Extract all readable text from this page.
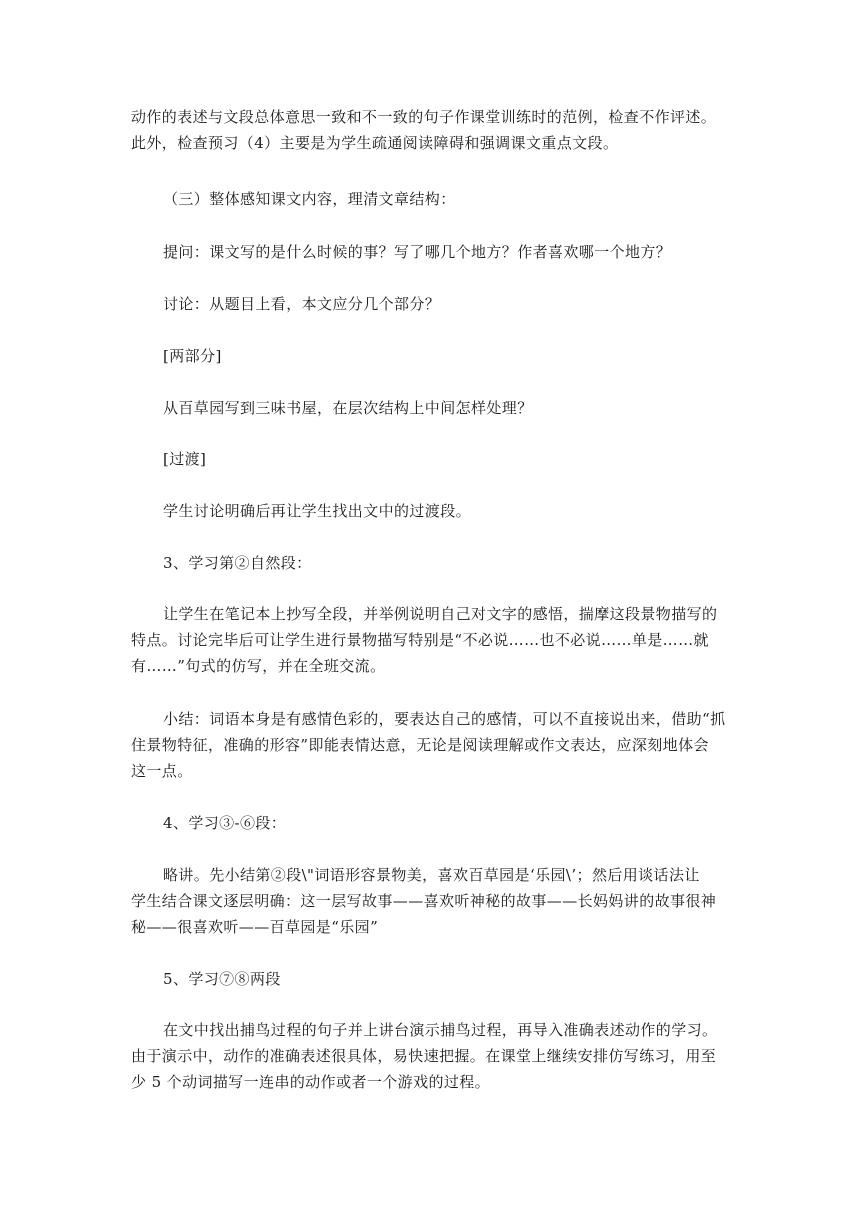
动作的表述与文段总体意思一致和不一致的句子作课堂训练时的范例，检查不作评述。
此外，检查预习（4）主要是为学生疏通阅读障碍和强调课文重点文段。

（三）整体感知课文内容，理清文章结构：

提问：课文写的是什么时候的事？写了哪几个地方？作者喜欢哪一个地方？

讨论：从题目上看，本文应分几个部分？

[两部分]

从百草园写到三味书屋，在层次结构上中间怎样处理？

[过渡]

学生讨论明确后再让学生找出文中的过渡段。

3、学习第②自然段：

让学生在笔记本上抄写全段，并举例说明自己对文字的感悟，揣摩这段景物描写的
特点。讨论完毕后可让学生进行景物描写特别是“不必说……也不必说……单是……就
有……”句式的仿写，并在全班交流。

小结：词语本身是有感情色彩的，要表达自己的感情，可以不直接说出来，借助“抓
住景物特征，准确的形容”即能表情达意，无论是阅读理解或作文表达，应深刻地体会
这一点。

4、学习③-⑥段：

略讲。先小结第②段\"词语形容景物美，喜欢百草园是‘乐园\’；然后用谈话法让
学生结合课文逐层明确：这一层写故事——喜欢听神秘的故事——长妈妈讲的故事很神
秘——很喜欢听——百草园是“乐园”

5、学习⑦⑧两段

在文中找出捕鸟过程的句子并上讲台演示捕鸟过程，再导入准确表述动作的学习。
由于演示中，动作的准确表述很具体，易快速把握。在课堂上继续安排仿写练习，用至
少 5 个动词描写一连串的动作或者一个游戏的过程。
